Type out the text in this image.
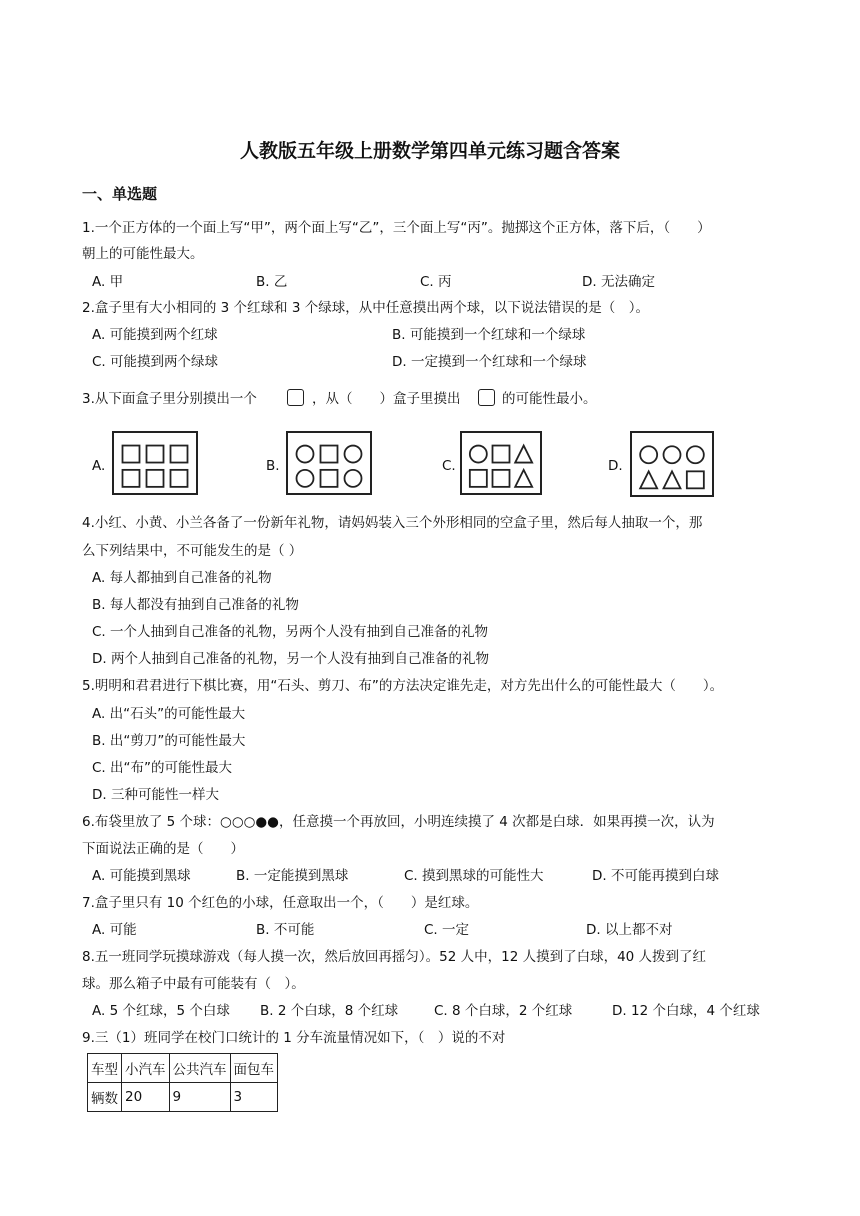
人教版五年级上册数学第四单元练习题含答案
一、单选题
1.一个正方体的一个面上写“甲”，两个面上写“乙”，三个面上写“丙”。抛掷这个正方体，落下后，（　　）
朝上的可能性最大。
A. 甲	B. 乙	C. 丙	D. 无法确定
2.盒子里有大小相同的 3 个红球和 3 个绿球，从中任意摸出两个球，以下说法错误的是（　）。
A. 可能摸到两个红球	B. 可能摸到一个红球和一个绿球
C. 可能摸到两个绿球	D. 一定摸到一个红球和一个绿球
3.从下面盒子里分别摸出一个	，从（　　）盒子里摸出	的可能性最小。
A.	B.	C.	D.
4.小红、小黄、小兰各备了一份新年礼物，请妈妈装入三个外形相同的空盒子里，然后每人抽取一个，那
么下列结果中，不可能发生的是（ ）
A. 每人都抽到自己准备的礼物
B. 每人都没有抽到自己准备的礼物
C. 一个人抽到自己准备的礼物，另两个人没有抽到自己准备的礼物
D. 两个人抽到自己准备的礼物，另一个人没有抽到自己准备的礼物
5.明明和君君进行下棋比赛，用“石头、剪刀、布”的方法决定谁先走，对方先出什么的可能性最大（　　）。
A. 出“石头”的可能性最大
B. 出“剪刀”的可能性最大
C. 出“布”的可能性最大
D. 三种可能性一样大
6.布袋里放了 5 个球：○○○●●，任意摸一个再放回，小明连续摸了 4 次都是白球．如果再摸一次，认为
下面说法正确的是（　　）
A. 可能摸到黑球	B. 一定能摸到黑球	C. 摸到黑球的可能性大	D. 不可能再摸到白球
7.盒子里只有 10 个红色的小球，任意取出一个，（　　）是红球。
A. 可能	B. 不可能	C. 一定	D. 以上都不对
8.五一班同学玩摸球游戏（每人摸一次，然后放回再摇匀）。52 人中，12 人摸到了白球，40 人拨到了红
球。那么箱子中最有可能装有（　）。
A. 5 个红球，5 个白球 B. 2 个白球，8 个红球	C. 8 个白球，2 个红球	D. 12 个白球，4 个红球
9.三（1）班同学在校门口统计的 1 分车流量情况如下，（　）说的不对
车型	小汽车	公共汽车	面包车
辆数	20	9	3
